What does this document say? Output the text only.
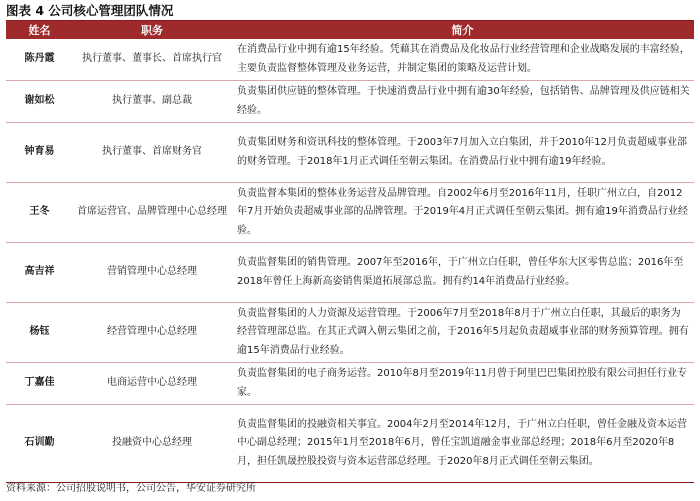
图表 4 公司核心管理团队情况
姓名	职务	简介
陈丹霞	执行董事、董事长、首席执行官	在消费品行业中拥有逾15年经验。凭藉其在消费品及化妆品行业经营管理和企业战略发展的丰富经验，主要负责监督整体管理及业务运营，并制定集团的策略及运营计划。
谢如松	执行董事、副总裁	负责集团供应链的整体管理。于快速消费品行业中拥有逾30年经验，包括销售、品牌管理及供应链相关经验。
钟育易	执行董事、首席财务官	负责集团财务和资讯科技的整体管理。于2003年7月加入立白集团，并于2010年12月负责超威事业部的财务管理。于2018年1月正式调任至朝云集团。在消费品行业中拥有逾19年经验。
王冬	首席运营官、品牌管理中心总经理	负责监督本集团的整体业务运营及品牌管理。自2002年6月至2016年11月，任职广州立白，自2012年7月开始负责超威事业部的品牌管理。于2019年4月正式调任至朝云集团。拥有逾19年消费品行业经验。
高吉祥	营销管理中心总经理	负责监督集团的销售管理。2007年至2016年，于广州立白任职，曾任华东大区零售总监；2016年至2018年曾任上海新高姿销售渠道拓展部总监。拥有约14年消费品行业经验。
杨钰	经营管理中心总经理	负责监督集团的人力资源及运营管理。于2006年7月至2018年8月于广州立白任职，其最后的职务为经营管理部总监。在其正式调入朝云集团之前，于2016年5月起负责超威事业部的财务预算管理。拥有逾15年消费品行业经验。
丁嘉佳	电商运营中心总经理	负责监督集团的电子商务运营。2010年8月至2019年11月曾于阿里巴巴集团控股有限公司担任行业专家。
石训勤	投融资中心总经理	负责监督集团的投融资相关事宜。2004年2月至2014年12月，于广州立白任职，曾任金融及资本运营中心副总经理；2015年1月至2018年6月，曾任宝凯道融金事业部总经理；2018年6月至2020年8月，担任凯晟控股投资与资本运营部总经理。于2020年8月正式调任至朝云集团。
资料来源：公司招股说明书，公司公告，华安证券研究所
